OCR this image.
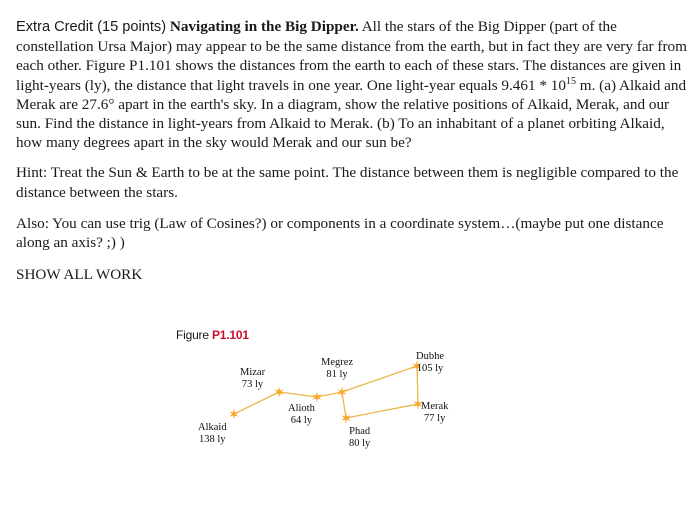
Extra Credit (15 points) Navigating in the Big Dipper. All the stars of the Big Dipper (part of the constellation Ursa Major) may appear to be the same distance from the earth, but in fact they are very far from each other. Figure P1.101 shows the distances from the earth to each of these stars. The distances are given in light-years (ly), the distance that light travels in one year. One light-year equals $9.461 * 10^{15}$ m. (a) Alkaid and Merak are 27.6° apart in the earth's sky. In a diagram, show the relative positions of Alkaid, Merak, and our sun. Find the distance in light-years from Alkaid to Merak. (b) To an inhabitant of a planet orbiting Alkaid, how many degrees apart in the sky would Merak and our sun be?

Hint: Treat the Sun & Earth to be at the same point. The distance between them is negligible compared to the distance between the stars.

Also: You can use trig (Law of Cosines?) or components in a coordinate system…(maybe put one distance along an axis? ;) )

SHOW ALL WORK

Figure P1.101
Alkaid
138 ly
Mizar
73 ly
Alioth
64 ly
Megrez
81 ly
Phad
80 ly
Merak
77 ly
Dubhe
105 ly
